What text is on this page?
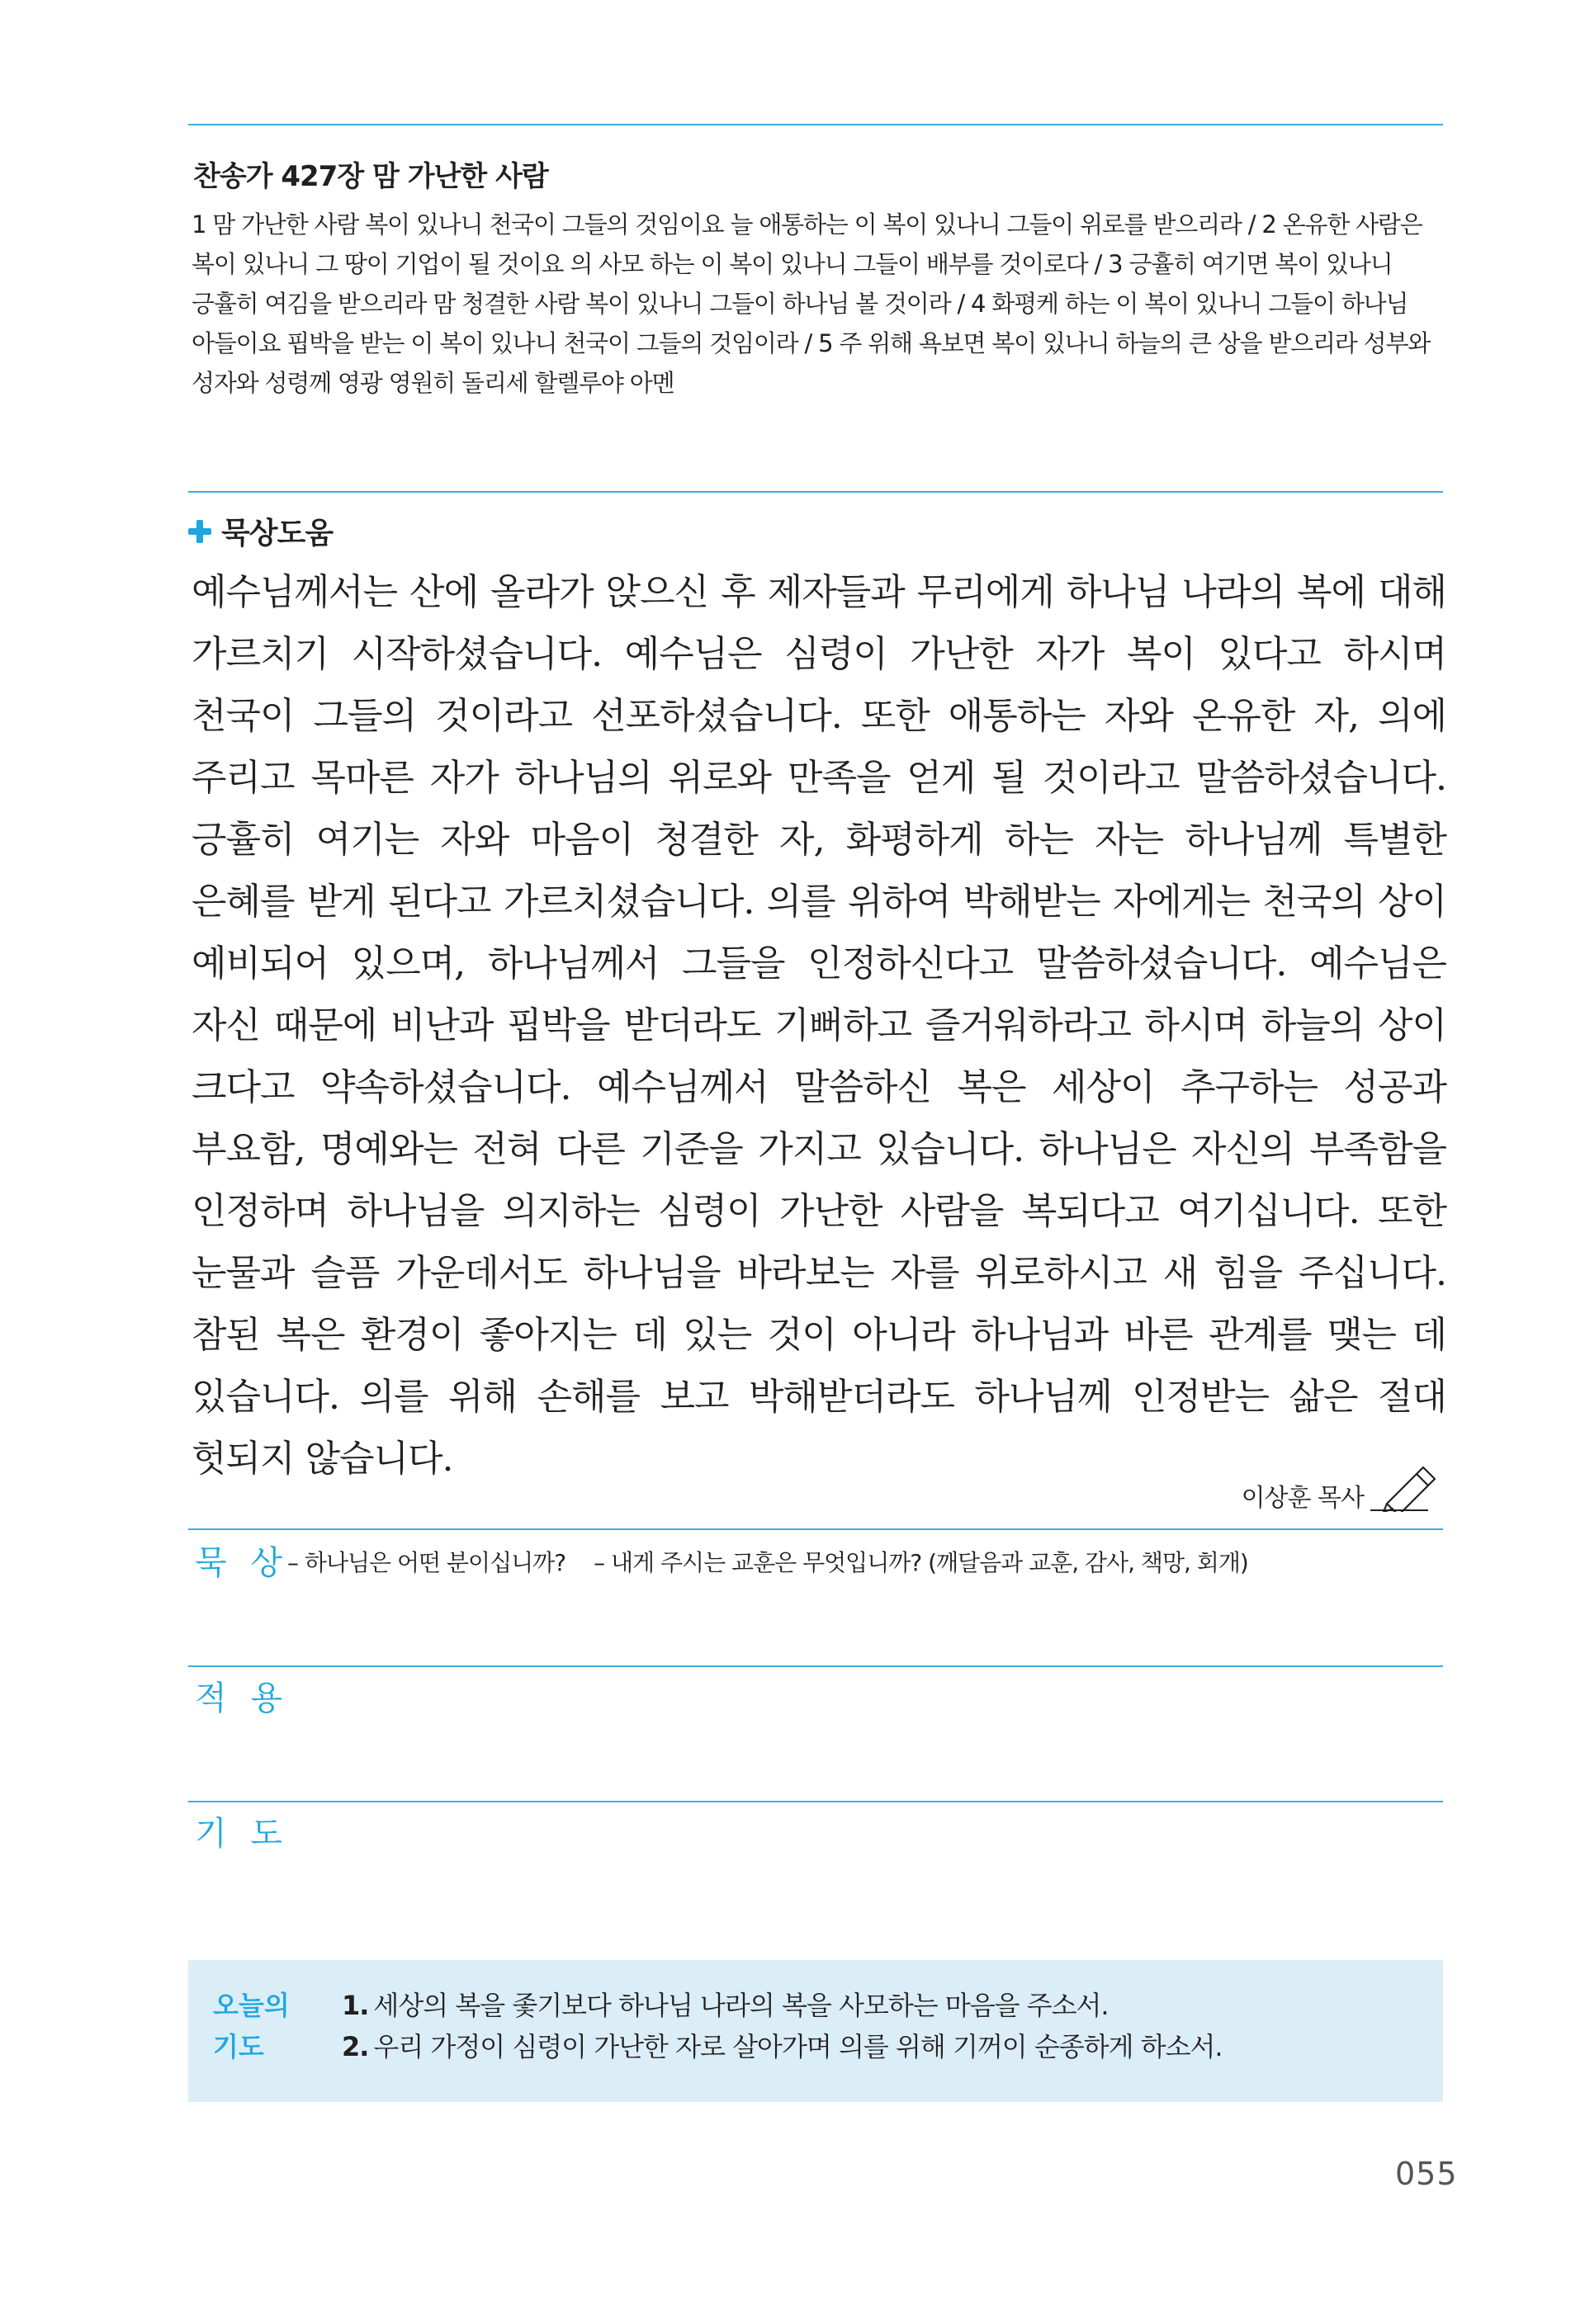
찬송가 427장 맘 가난한 사람
1 맘 가난한 사람 복이 있나니 천국이 그들의 것임이요 늘 애통하는 이 복이 있나니 그들이 위로를 받으리라 / 2 온유한 사람은 복이 있나니 그 땅이 기업이 될 것이요 의 사모 하는 이 복이 있나니 그들이 배부를 것이로다 / 3 긍휼히 여기면 복이 있나니 긍휼히 여김을 받으리라 맘 청결한 사람 복이 있나니 그들이 하나님 볼 것이라 / 4 화평케 하는 이 복이 있나니 그들이 하나님 아들이요 핍박을 받는 이 복이 있나니 천국이 그들의 것임이라 / 5 주 위해 욕보면 복이 있나니 하늘의 큰 상을 받으리라 성부와 성자와 성령께 영광 영원히 돌리세 할렐루야 아멘
묵상도움
예수님께서는 산에 올라가 앉으신 후 제자들과 무리에게 하나님 나라의 복에 대해 가르치기 시작하셨습니다. 예수님은 심령이 가난한 자가 복이 있다고 하시며 천국이 그들의 것이라고 선포하셨습니다. 또한 애통하는 자와 온유한 자, 의에 주리고 목마른 자가 하나님의 위로와 만족을 얻게 될 것이라고 말씀하셨습니다. 긍휼히 여기는 자와 마음이 청결한 자, 화평하게 하는 자는 하나님께 특별한 은혜를 받게 된다고 가르치셨습니다. 의를 위하여 박해받는 자에게는 천국의 상이 예비되어 있으며, 하나님께서 그들을 인정하신다고 말씀하셨습니다. 예수님은 자신 때문에 비난과 핍박을 받더라도 기뻐하고 즐거워하라고 하시며 하늘의 상이 크다고 약속하셨습니다. 예수님께서 말씀하신 복은 세상이 추구하는 성공과 부요함, 명예와는 전혀 다른 기준을 가지고 있습니다. 하나님은 자신의 부족함을 인정하며 하나님을 의지하는 심령이 가난한 사람을 복되다고 여기십니다. 또한 눈물과 슬픔 가운데서도 하나님을 바라보는 자를 위로하시고 새 힘을 주십니다. 참된 복은 환경이 좋아지는 데 있는 것이 아니라 하나님과 바른 관계를 맺는 데 있습니다. 의를 위해 손해를 보고 박해받더라도 하나님께 인정받는 삶은 절대 헛되지 않습니다.
이상훈 목사
묵 상
– 하나님은 어떤 분이십니까? – 내게 주시는 교훈은 무엇입니까? (깨달음과 교훈, 감사, 책망, 회개)
적 용
기 도
오늘의
기도
1. 세상의 복을 좇기보다 하나님 나라의 복을 사모하는 마음을 주소서.
2. 우리 가정이 심령이 가난한 자로 살아가며 의를 위해 기꺼이 순종하게 하소서.
055
